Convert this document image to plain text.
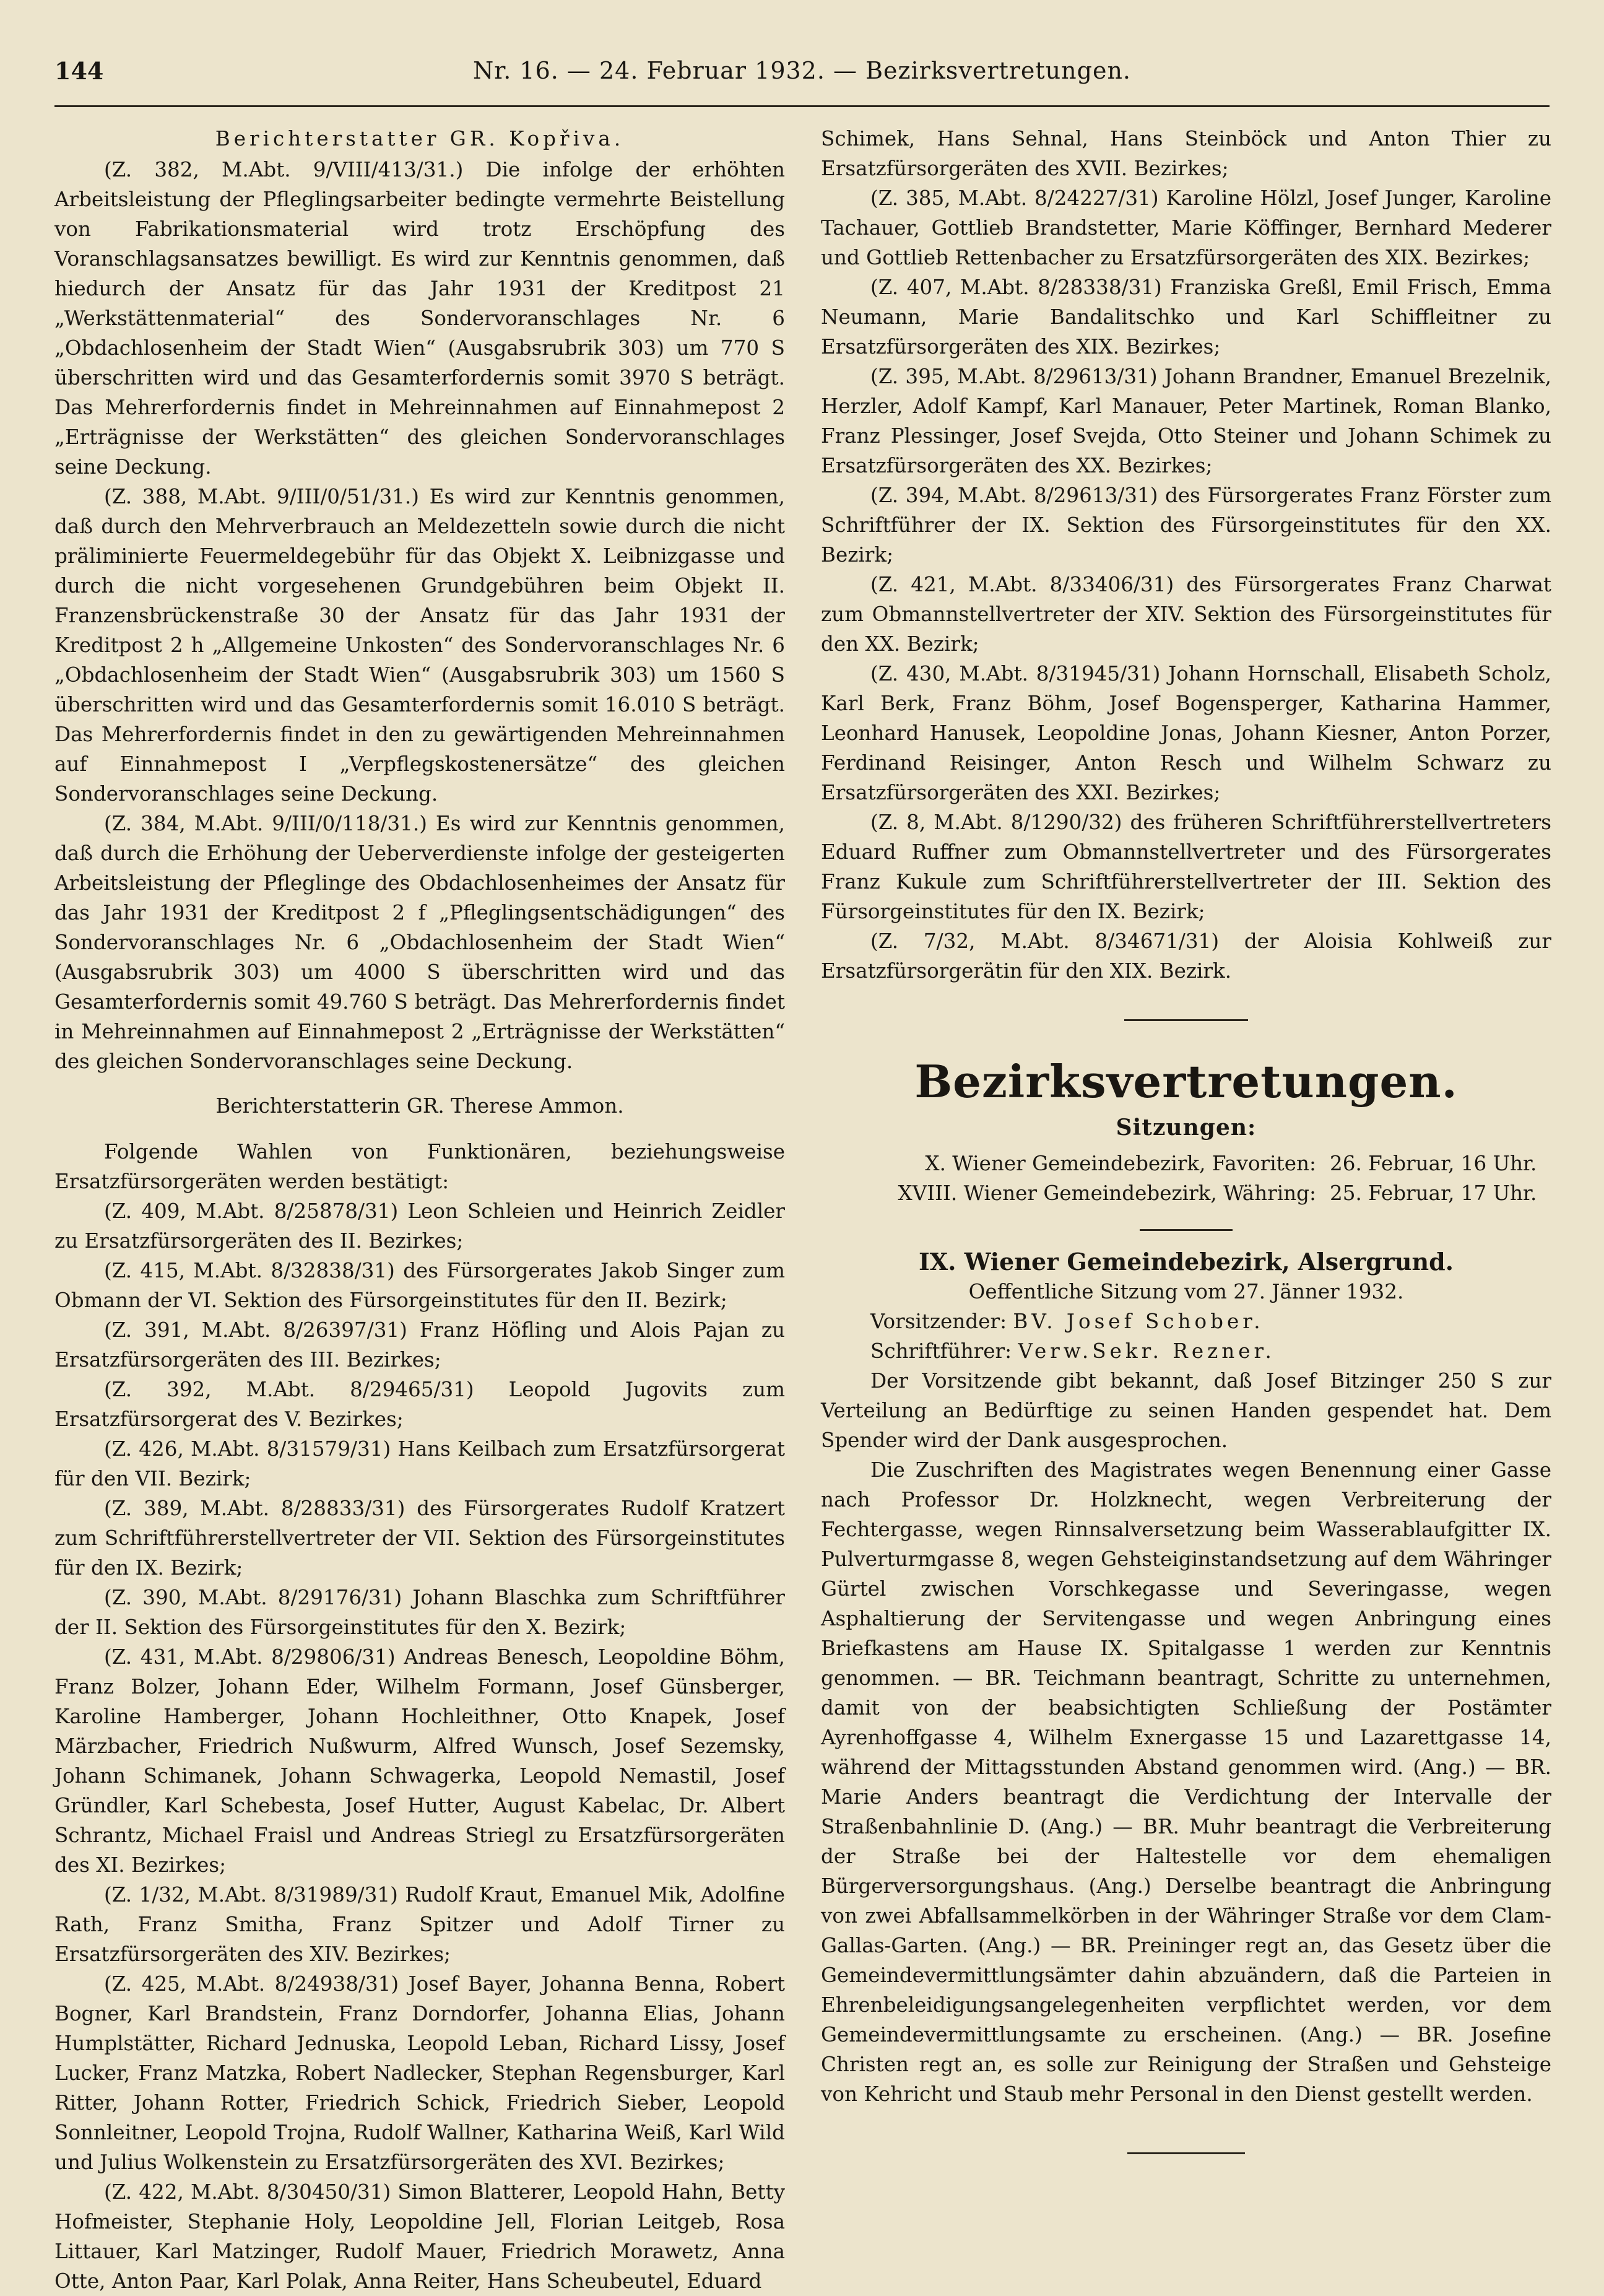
144	Nr. 16. — 24. Februar 1932. — Bezirksvertretungen.

Berichterstatter GR. Kopřiva.

(Z. 382, M.Abt. 9/VIII/413/31.) Die infolge der erhöhten Arbeitsleistung der Pfleglingsarbeiter bedingte vermehrte Beistellung von Fabrikationsmaterial wird trotz Erschöpfung des Voranschlagsansatzes bewilligt. Es wird zur Kenntnis genommen, daß hiedurch der Ansatz für das Jahr 1931 der Kreditpost 21 „Werkstättenmaterial“ des Sondervoranschlages Nr. 6 „Obdachlosenheim der Stadt Wien“ (Ausgabsrubrik 303) um 770 S überschritten wird und das Gesamterfordernis somit 3970 S beträgt. Das Mehrerfordernis findet in Mehreinnahmen auf Einnahmepost 2 „Erträgnisse der Werkstätten“ des gleichen Sondervoranschlages seine Deckung.

(Z. 388, M.Abt. 9/III/0/51/31.) Es wird zur Kenntnis genommen, daß durch den Mehrverbrauch an Meldezetteln sowie durch die nicht präliminierte Feuermeldegebühr für das Objekt X. Leibnizgasse und durch die nicht vorgesehenen Grundgebühren beim Objekt II. Franzensbrückenstraße 30 der Ansatz für das Jahr 1931 der Kreditpost 2 h „Allgemeine Unkosten“ des Sondervoranschlages Nr. 6 „Obdachlosenheim der Stadt Wien“ (Ausgabsrubrik 303) um 1560 S überschritten wird und das Gesamterfordernis somit 16.010 S beträgt. Das Mehrerfordernis findet in den zu gewärtigenden Mehreinnahmen auf Einnahmepost I „Verpflegskostenersätze“ des gleichen Sondervoranschlages seine Deckung.

(Z. 384, M.Abt. 9/III/0/118/31.) Es wird zur Kenntnis genommen, daß durch die Erhöhung der Ueberverdienste infolge der gesteigerten Arbeitsleistung der Pfleglinge des Obdachlosenheimes der Ansatz für das Jahr 1931 der Kreditpost 2 f „Pfleglingsentschädigungen“ des Sondervoranschlages Nr. 6 „Obdachlosenheim der Stadt Wien“ (Ausgabsrubrik 303) um 4000 S überschritten wird und das Gesamterfordernis somit 49.760 S beträgt. Das Mehrerfordernis findet in Mehreinnahmen auf Einnahmepost 2 „Erträgnisse der Werkstätten“ des gleichen Sondervoranschlages seine Deckung.

Berichterstatterin GR. Therese Ammon.

Folgende Wahlen von Funktionären, beziehungsweise Ersatzfürsorgeräten werden bestätigt:

(Z. 409, M.Abt. 8/25878/31) Leon Schleien und Heinrich Zeidler zu Ersatzfürsorgeräten des II. Bezirkes;

(Z. 415, M.Abt. 8/32838/31) des Fürsorgerates Jakob Singer zum Obmann der VI. Sektion des Fürsorgeinstitutes für den II. Bezirk;

(Z. 391, M.Abt. 8/26397/31) Franz Höfling und Alois Pajan zu Ersatzfürsorgeräten des III. Bezirkes;

(Z. 392, M.Abt. 8/29465/31) Leopold Jugovits zum Ersatzfürsorgerat des V. Bezirkes;

(Z. 426, M.Abt. 8/31579/31) Hans Keilbach zum Ersatzfürsorgerat für den VII. Bezirk;

(Z. 389, M.Abt. 8/28833/31) des Fürsorgerates Rudolf Kratzert zum Schriftführerstellvertreter der VII. Sektion des Fürsorgeinstitutes für den IX. Bezirk;

(Z. 390, M.Abt. 8/29176/31) Johann Blaschka zum Schriftführer der II. Sektion des Fürsorgeinstitutes für den X. Bezirk;

(Z. 431, M.Abt. 8/29806/31) Andreas Benesch, Leopoldine Böhm, Franz Bolzer, Johann Eder, Wilhelm Formann, Josef Günsberger, Karoline Hamberger, Johann Hochleithner, Otto Knapek, Josef Märzbacher, Friedrich Nußwurm, Alfred Wunsch, Josef Sezemsky, Johann Schimanek, Johann Schwagerka, Leopold Nemastil, Josef Gründler, Karl Schebesta, Josef Hutter, August Kabelac, Dr. Albert Schrantz, Michael Fraisl und Andreas Striegl zu Ersatzfürsorgeräten des XI. Bezirkes;

(Z. 1/32, M.Abt. 8/31989/31) Rudolf Kraut, Emanuel Mik, Adolfine Rath, Franz Smitha, Franz Spitzer und Adolf Tirner zu Ersatzfürsorgeräten des XIV. Bezirkes;

(Z. 425, M.Abt. 8/24938/31) Josef Bayer, Johanna Benna, Robert Bogner, Karl Brandstein, Franz Dorndorfer, Johanna Elias, Johann Humplstätter, Richard Jednuska, Leopold Leban, Richard Lissy, Josef Lucker, Franz Matzka, Robert Nadlecker, Stephan Regensburger, Karl Ritter, Johann Rotter, Friedrich Schick, Friedrich Sieber, Leopold Sonnleitner, Leopold Trojna, Rudolf Wallner, Katharina Weiß, Karl Wild und Julius Wolkenstein zu Ersatzfürsorgeräten des XVI. Bezirkes;

(Z. 422, M.Abt. 8/30450/31) Simon Blatterer, Leopold Hahn, Betty Hofmeister, Stephanie Holy, Leopoldine Jell, Florian Leitgeb, Rosa Littauer, Karl Matzinger, Rudolf Mauer, Friedrich Morawetz, Anna Otte, Anton Paar, Karl Polak, Anna Reiter, Hans Scheubeutel, Eduard

Schimek, Hans Sehnal, Hans Steinböck und Anton Thier zu Ersatzfürsorgeräten des XVII. Bezirkes;

(Z. 385, M.Abt. 8/24227/31) Karoline Hölzl, Josef Junger, Karoline Tachauer, Gottlieb Brandstetter, Marie Köffinger, Bernhard Mederer und Gottlieb Rettenbacher zu Ersatzfürsorgeräten des XIX. Bezirkes;

(Z. 407, M.Abt. 8/28338/31) Franziska Greßl, Emil Frisch, Emma Neumann, Marie Bandalitschko und Karl Schiffleitner zu Ersatzfürsorgeräten des XIX. Bezirkes;

(Z. 395, M.Abt. 8/29613/31) Johann Brandner, Emanuel Brezelnik, Herzler, Adolf Kampf, Karl Manauer, Peter Martinek, Roman Blanko, Franz Plessinger, Josef Svejda, Otto Steiner und Johann Schimek zu Ersatzfürsorgeräten des XX. Bezirkes;

(Z. 394, M.Abt. 8/29613/31) des Fürsorgerates Franz Förster zum Schriftführer der IX. Sektion des Fürsorgeinstitutes für den XX. Bezirk;

(Z. 421, M.Abt. 8/33406/31) des Fürsorgerates Franz Charwat zum Obmannstellvertreter der XIV. Sektion des Fürsorgeinstitutes für den XX. Bezirk;

(Z. 430, M.Abt. 8/31945/31) Johann Hornschall, Elisabeth Scholz, Karl Berk, Franz Böhm, Josef Bogensperger, Katharina Hammer, Leonhard Hanusek, Leopoldine Jonas, Johann Kiesner, Anton Porzer, Ferdinand Reisinger, Anton Resch und Wilhelm Schwarz zu Ersatzfürsorgeräten des XXI. Bezirkes;

(Z. 8, M.Abt. 8/1290/32) des früheren Schriftführerstellvertreters Eduard Ruffner zum Obmannstellvertreter und des Fürsorgerates Franz Kukule zum Schriftführerstellvertreter der III. Sektion des Fürsorgeinstitutes für den IX. Bezirk;

(Z. 7/32, M.Abt. 8/34671/31) der Aloisia Kohlweiß zur Ersatzfürsorgerätin für den XIX. Bezirk.

Bezirksvertretungen.
Sitzungen:
X. Wiener Gemeindebezirk, Favoriten: 26. Februar, 16 Uhr.
XVIII. Wiener Gemeindebezirk, Währing: 25. Februar, 17 Uhr.
IX. Wiener Gemeindebezirk, Alsergrund.

Oeffentliche Sitzung vom 27. Jänner 1932.

Vorsitzender: BV. Josef Schober.

Schriftführer: Verw.Sekr. Rezner.

Der Vorsitzende gibt bekannt, daß Josef Bitzinger 250 S zur Verteilung an Bedürftige zu seinen Handen gespendet hat. Dem Spender wird der Dank ausgesprochen.

Die Zuschriften des Magistrates wegen Benennung einer Gasse nach Professor Dr. Holzknecht, wegen Verbreiterung der Fechtergasse, wegen Rinnsalversetzung beim Wasserablaufgitter IX. Pulverturmgasse 8, wegen Gehsteiginstandsetzung auf dem Währinger Gürtel zwischen Vorschkegasse und Severingasse, wegen Asphaltierung der Servitengasse und wegen Anbringung eines Briefkastens am Hause IX. Spitalgasse 1 werden zur Kenntnis genommen. — BR. Teichmann beantragt, Schritte zu unternehmen, damit von der beabsichtigten Schließung der Postämter Ayrenhoffgasse 4, Wilhelm Exnergasse 15 und Lazarettgasse 14, während der Mittagsstunden Abstand genommen wird. (Ang.) — BR. Marie Anders beantragt die Verdichtung der Intervalle der Straßenbahnlinie D. (Ang.) — BR. Muhr beantragt die Verbreiterung der Straße bei der Haltestelle vor dem ehemaligen Bürgerversorgungshaus. (Ang.) Derselbe beantragt die Anbringung von zwei Abfallsammelkörben in der Währinger Straße vor dem Clam-Gallas-Garten. (Ang.) — BR. Preininger regt an, das Gesetz über die Gemeindevermittlungsämter dahin abzuändern, daß die Parteien in Ehrenbeleidigungsangelegenheiten verpflichtet werden, vor dem Gemeindevermittlungsamte zu erscheinen. (Ang.) — BR. Josefine Christen regt an, es solle zur Reinigung der Straßen und Gehsteige von Kehricht und Staub mehr Personal in den Dienst gestellt werden.
